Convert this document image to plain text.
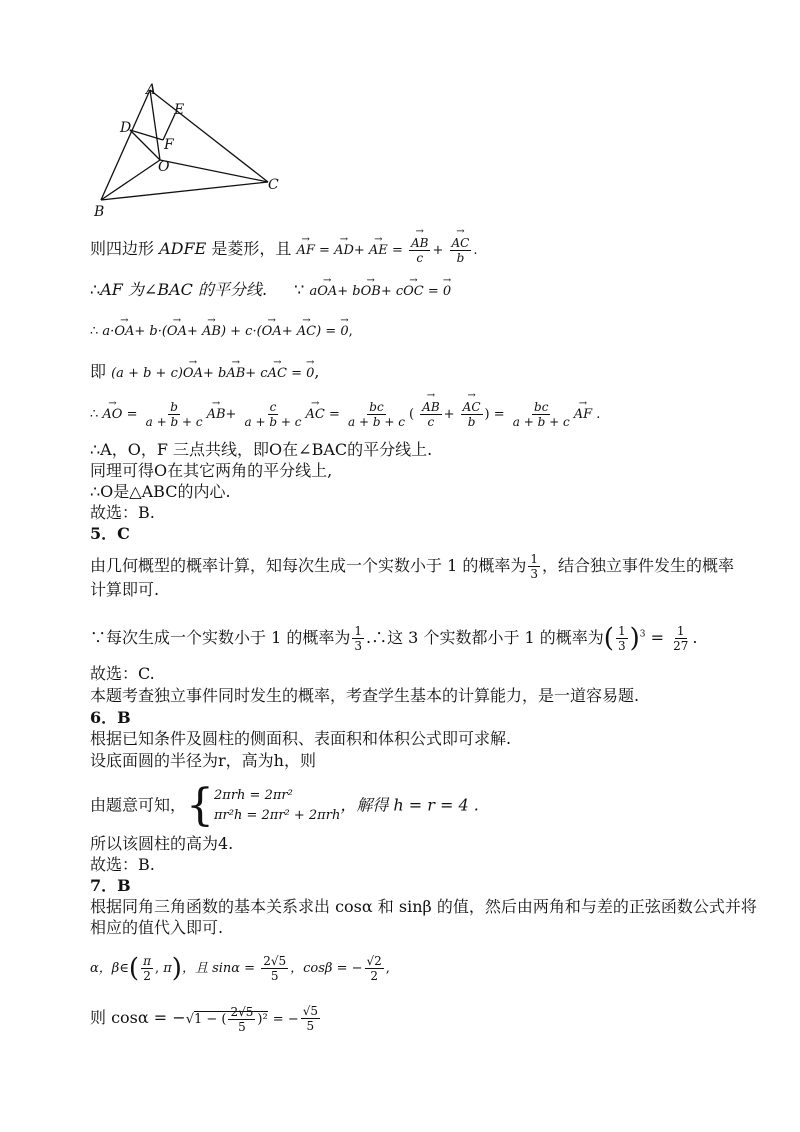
A
E
D
F
O
C
B
则四边形 ADFE 是菱形，且 → AF = → AD+ → AE =
→ $\frac{AB}{c}$ +
→ $\frac{AC}{b}$ .
∴AF 为∠BAC 的平分线. ∵ a→ OA+ b→ OB+ c→ OC = → 0
∴ a·→ OA+ b·(→ OA+ → AB) + c·(→ OA+ → AC) = → 0,
即 (a + b + c)→ OA+ b→ AB+ c→ AC = → 0,
∴ → AO = $\frac{b}{a + b + c}$
→ $AB+ \frac{c}{a + b + c}$
→ AC = $\frac{bc}{a + b + c}$ (
→ $\frac{AB}{c}$ +
→ $\frac{AC}{b}$ ) = $\frac{bc}{a + b + c}$
→ AF .
∴A，O，F 三点共线，即O在∠BAC的平分线上.
同理可得O在其它两角的平分线上,
∴O是△ABC的内心.
故选：B.
5．C
由几何概型的概率计算，知每次生成一个实数小于 1 的概率为 $\frac{1}{3}$ ，结合独立事件发生的概率
计算即可.
∵每次生成一个实数小于 1 的概率为 $\frac{1}{3}$ .∴这 3 个实数都小于 1 的概率为( $\frac{1}{3} )^3 = \frac{1}{27}$ .
故选：C.
本题考查独立事件同时发生的概率，考查学生基本的计算能力，是一道容易题.
6．B
根据已知条件及圆柱的侧面积、表面积和体积公式即可求解.
设底面圆的半径为r，高为h，则
由题意可知，{ 2πrh = 2πr²
πr²h = 2πr² + 2πrh
，解得 h = r = 4 .
所以该圆柱的高为4.
故选：B.
7．B
根据同角三角函数的基本关系求出 cosα 和 sinβ 的值，然后由两角和与差的正弦函数公式并将
相应的值代入即可.
α，β∈( $\frac{\pi}{2}$ , π)，且 $\sin\alpha = \frac{2√5}{5}$ ，cosβ = − $\frac{√2}{2}$ ,
则 cosα = −√1 − ( $\frac{2√5}{5} )^2$ = − $\frac{√5}{5}$
